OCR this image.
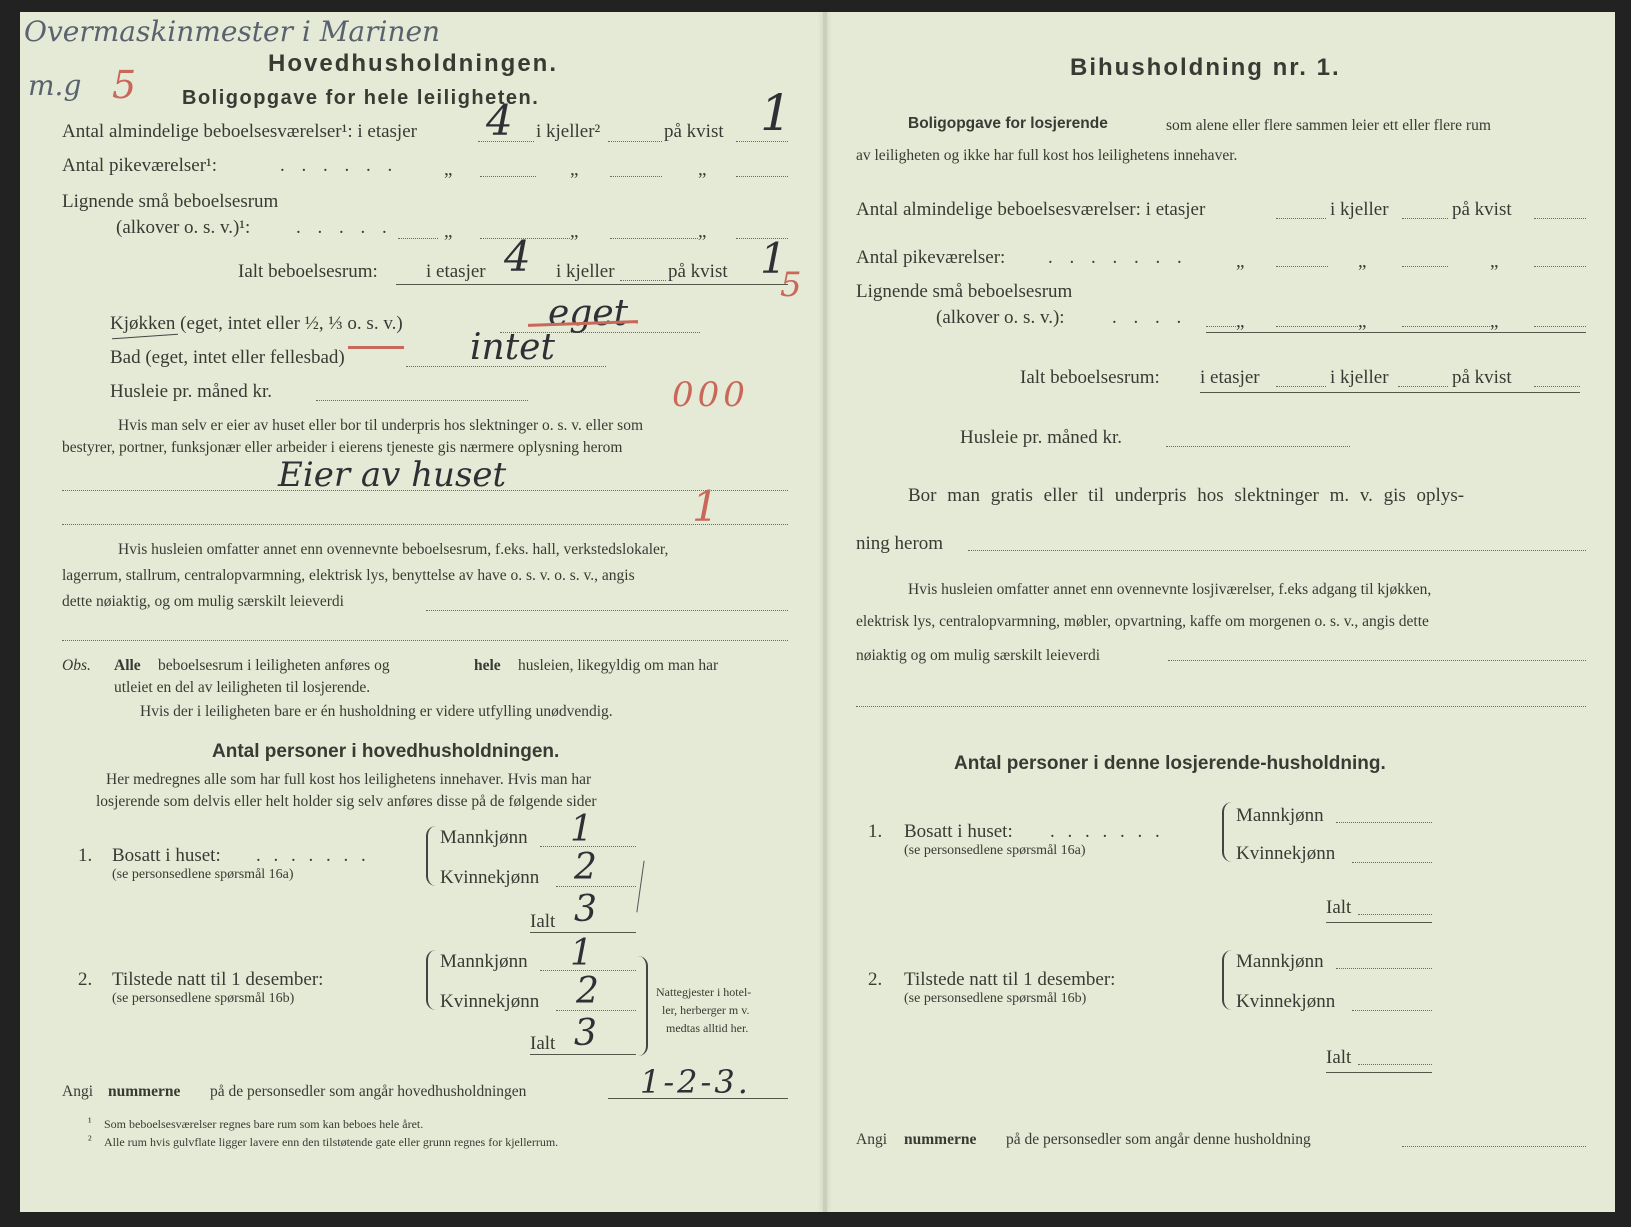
Overmaskinmester i Marinen
m.g 5	Hovedhusholdningen.
Boligopgave for hele leiligheten.
Antal almindelige beboelsesværelser¹: i etasjer 4 i kjeller²	på kvist 1
Antal pikeværelser¹:	. . . . . . „	„	„
Lignende små beboelsesrum
(alkover o. s. v.)¹: . . . . .	„	„	„
Ialt beboelsesrum:	i etasjer 4 i kjeller	på kvist 1
5
Kjøkken (eget, intet eller ½, ⅓ o. s. v.)	eget
Bad (eget, intet eller fellesbad)	intet
Husleie pr. måned kr.	000
Hvis man selv er eier av huset eller bor til underpris hos slektninger o. s. v. eller som
bestyrer, portner, funksjonær eller arbeider i eierens tjeneste gis nærmere oplysning herom
Eier av huset
1
Hvis husleien omfatter annet enn ovennevnte beboelsesrum, f.eks. hall, verkstedslokaler,
lagerrum, stallrum, centralopvarmning, elektrisk lys, benyttelse av have o. s. v. o. s. v., angis
dette nøiaktig, og om mulig særskilt leieverdi
Obs. Alle beboelsesrum i leiligheten anføres og	hele husleien, likegyldig om man har
utleiet en del av leiligheten til losjerende.
Hvis der i leiligheten bare er én husholdning er videre utfylling unødvendig.
Antal personer i hovedhusholdningen.
Her medregnes alle som har full kost hos leilighetens innehaver. Hvis man har
losjerende som delvis eller helt holder sig selv anføres disse på de følgende sider
1. Bosatt i huset: . . . . . . .
(se personsedlene spørsmål 16a)
Mannkjønn 1
Kvinnekjønn 2
Ialt 3
2. Tilstede natt til 1 desember:
(se personsedlene spørsmål 16b)
Mannkjønn 1
Kvinnekjønn 2
Ialt 3
Nattegjester i hotel-
ler, herberger m v.
medtas alltid her.
Angi nummerne på de personsedler som angår hovedhusholdningen	1-2-3.
¹ Som beboelsesværelser regnes bare rum som kan beboes hele året.
² Alle rum hvis gulvflate ligger lavere enn den tilstøtende gate eller grunn regnes for kjellerrum.
Bihusholdning nr. 1.
Boligopgave for losjerende	som alene eller flere sammen leier ett eller flere rum
av leiligheten og ikke har full kost hos leilighetens innehaver.
Antal almindelige beboelsesværelser: i etasjer	i kjeller	på kvist
Antal pikeværelser: . . . . . . .	„	„	„
Lignende små beboelsesrum
(alkover o. s. v.): . . . .	„	„	„
Ialt beboelsesrum: i etasjer	i kjeller	på kvist
Husleie pr. måned kr.
Bor man gratis eller til underpris hos slektninger m. v. gis oplys-
ning herom
Hvis husleien omfatter annet enn ovennevnte losjiværelser, f.eks adgang til kjøkken,
elektrisk lys, centralopvarmning, møbler, opvartning, kaffe om morgenen o. s. v., angis dette
nøiaktig og om mulig særskilt leieverdi
Antal personer i denne losjerende-husholdning.
1. Bosatt i huset: . . . . . . .
(se personsedlene spørsmål 16a)
Mannkjønn
Kvinnekjønn
Ialt
2. Tilstede natt til 1 desember:
(se personsedlene spørsmål 16b)
Mannkjønn
Kvinnekjønn
Ialt
Angi nummerne på de personsedler som angår denne husholdning
